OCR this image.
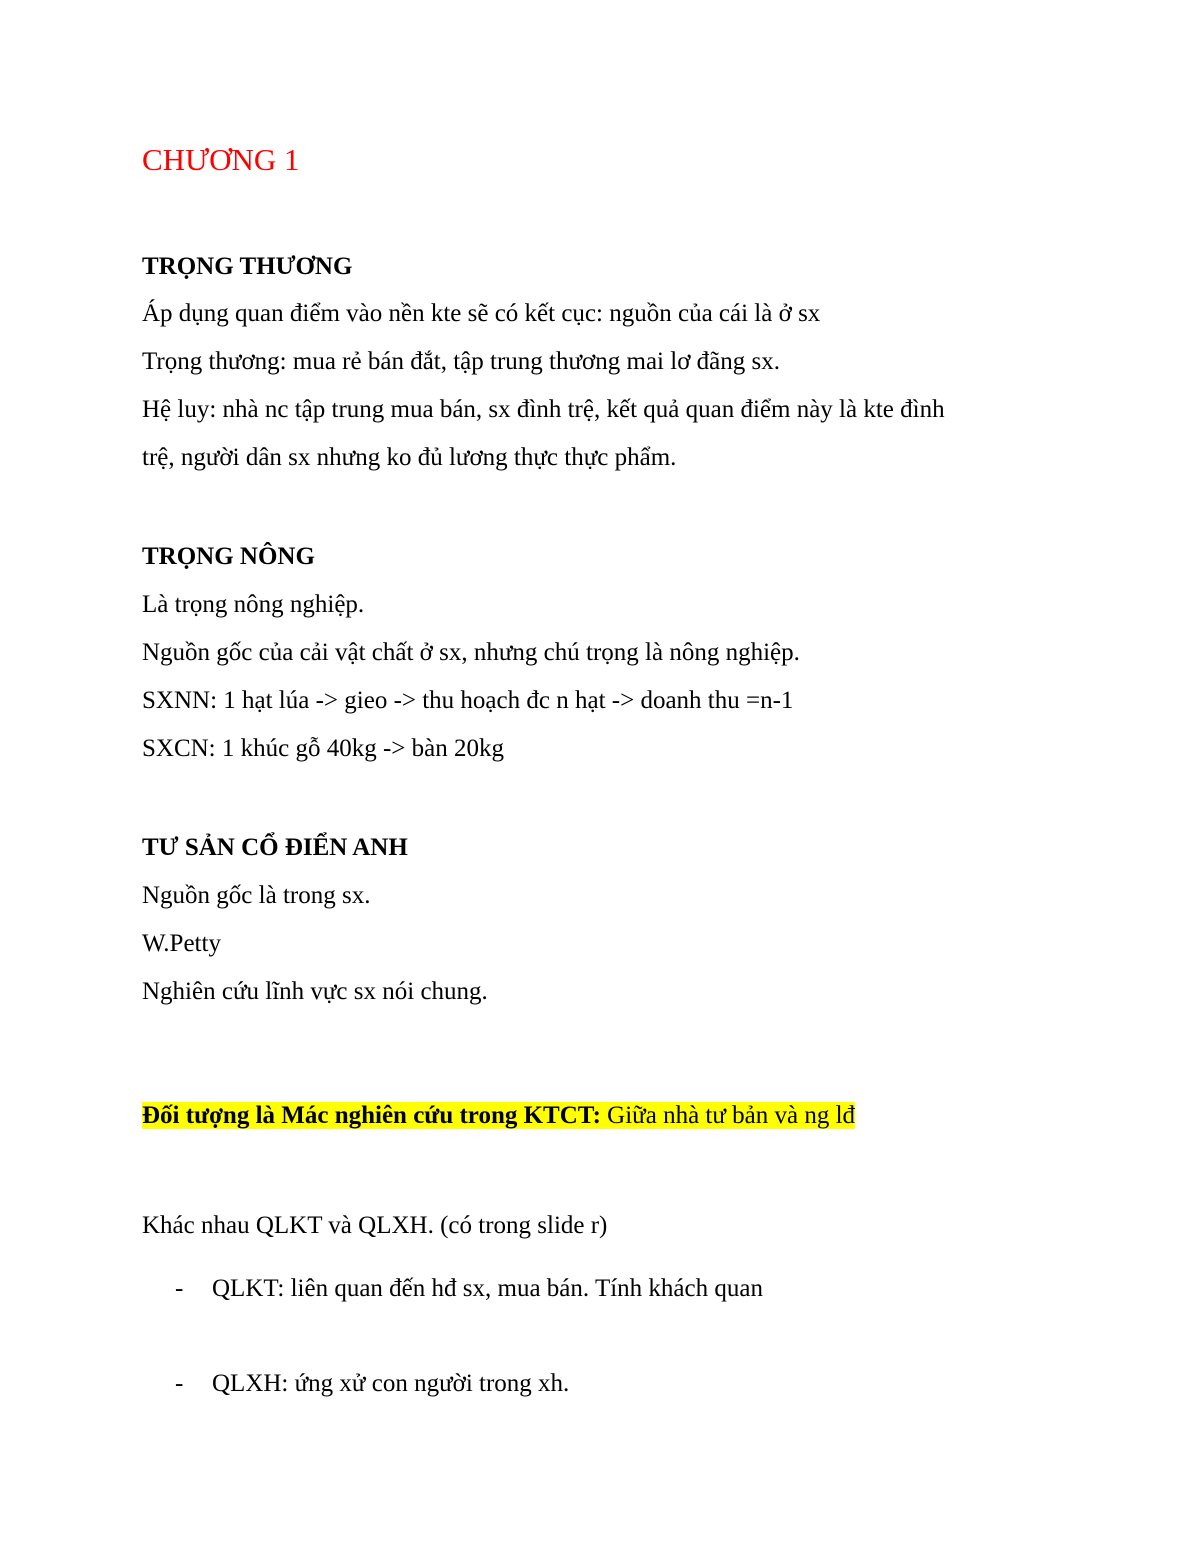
CHƯƠNG 1
TRỌNG THƯƠNG
Áp dụng quan điểm vào nền kte sẽ có kết cục: nguồn của cái là ở sx
Trọng thương: mua rẻ bán đắt, tập trung thương mai lơ đãng sx.
Hệ luy: nhà nc tập trung mua bán, sx đình trệ, kết quả quan điểm này là kte đình
trệ, người dân sx nhưng ko đủ lương thực thực phẩm.
TRỌNG NÔNG
Là trọng nông nghiệp.
Nguồn gốc của cải vật chất ở sx, nhưng chú trọng là nông nghiệp.
SXNN: 1 hạt lúa -> gieo -> thu hoạch đc n hạt -> doanh thu =n-1
SXCN: 1 khúc gỗ 40kg -> bàn 20kg
TƯ SẢN CỔ ĐIỂN ANH
Nguồn gốc là trong sx.
W.Petty
Nghiên cứu lĩnh vực sx nói chung.
Đối tượng là Mác nghiên cứu trong KTCT: Giữa nhà tư bản và ng lđ
Khác nhau QLKT và QLXH. (có trong slide r)
- QLKT: liên quan đến hđ sx, mua bán. Tính khách quan
- QLXH: ứng xử con người trong xh.
